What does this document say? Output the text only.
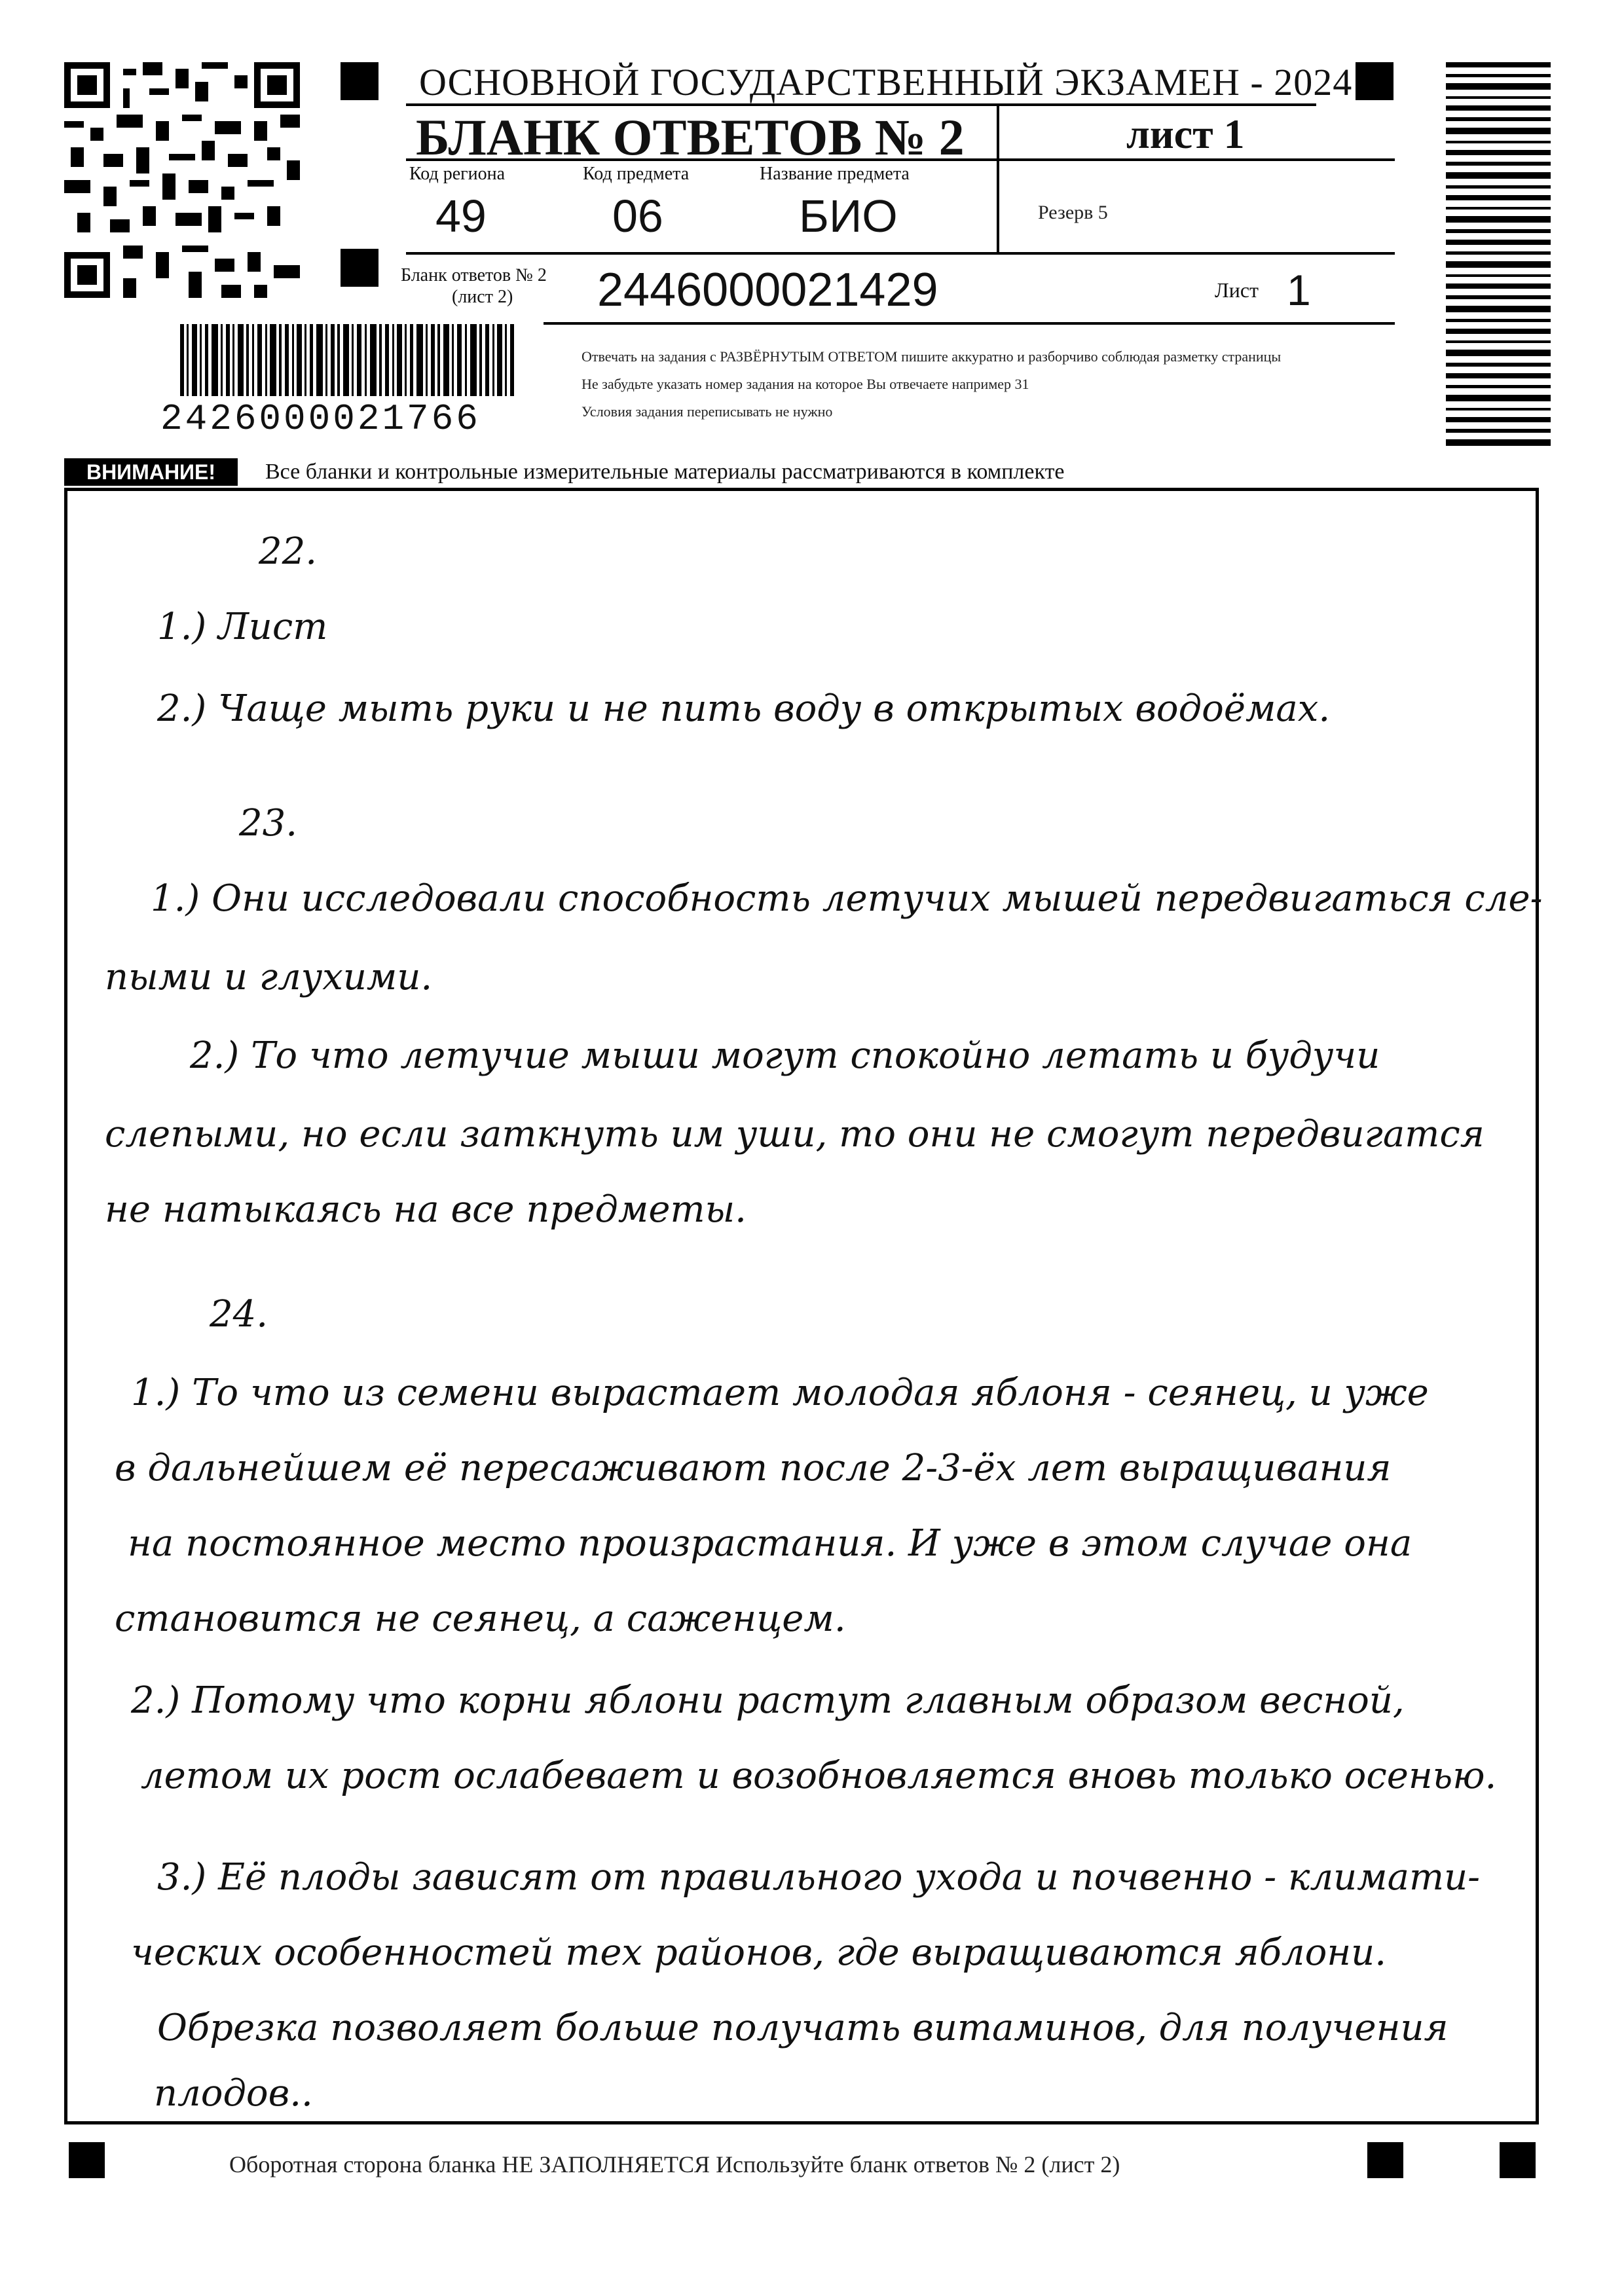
ОСНОВНОЙ ГОСУДАРСТВЕННЫЙ ЭКЗАМЕН - 2024
БЛАНК ОТВЕТОВ № 2	лист 1
Код региона
49
Код предмета
06
Название предмета
БИО	Резерв 5
Бланк ответов № 2
(лист 2) 2446000021429	Лист 1
Отвечать на задания с РАЗВЁРНУТЫМ ОТВЕТОМ пишите аккуратно и разборчиво соблюдая разметку страницы
Не забудьте указать номер задания на которое Вы отвечаете например 31
Условия задания переписывать не нужно
2426000021766
ВНИМАНИЕ!	Все бланки и контрольные измерительные материалы рассматриваются в комплекте
22.
1.) Лист
2.) Чаще мыть руки и не пить воду в открытых водоёмах.
23.
1.) Они исследовали способность летучих мышей передвигаться сле-
пыми и глухими.
2.) То что летучие мыши могут спокойно летать и будучи
слепыми, но если заткнуть им уши, то они не смогут передвигатся
не натыкаясь на все предметы.
24.
1.) То что из семени вырастает молодая яблоня - сеянец, и уже
в дальнейшем её пересаживают после 2-3-ёх лет выращивания
на постоянное место произрастания. И уже в этом случае она
становится не сеянец, а саженцем.
2.) Потому что корни яблони растут главным образом весной,
летом их рост ослабевает и возобновляется вновь только осенью.
3.) Её плоды зависят от правильного ухода и почвенно - климати-
ческих особенностей тех районов, где выращиваются яблони.
Обрезка позволяет больше получать витаминов, для получения
плодов..
Оборотная сторона бланка НЕ ЗАПОЛНЯЕТСЯ Используйте бланк ответов № 2 (лист 2)
